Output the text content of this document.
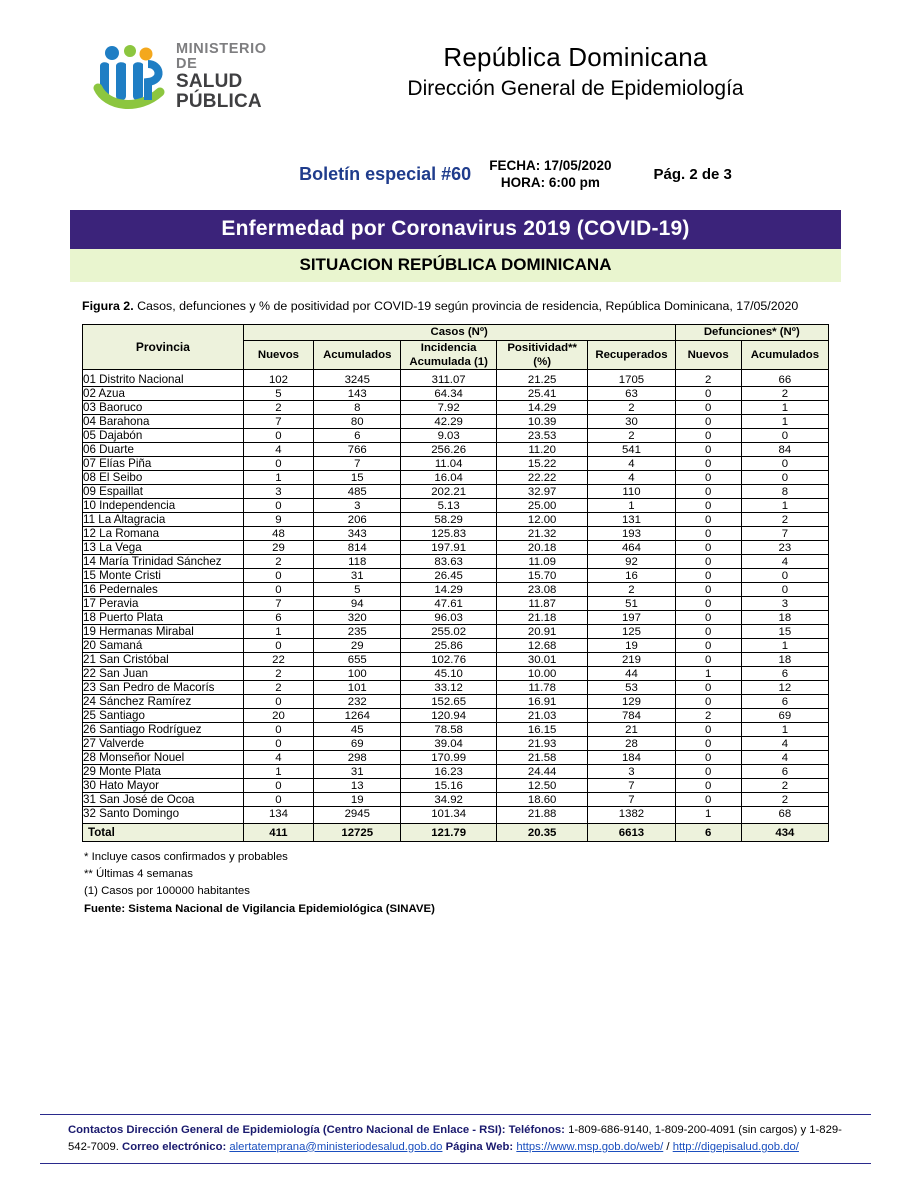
MINISTERIO DE
SALUD PÚBLICA
República Dominicana
Dirección General de Epidemiología
Boletín especial #60 FECHA: 17/05/2020
HORA: 6:00 pm	Pág. 2 de 3
Enfermedad por Coronavirus 2019 (COVID-19)
SITUACION REPÚBLICA DOMINICANA
Figura 2. Casos, defunciones y % de positividad por COVID-19 según provincia de residencia, República Dominicana, 17/05/2020
Provincia	Casos (Nº)					Defunciones* (Nº)	
	Nuevos	Acumulados	Incidencia Acumulada (1)	Positividad** (%)	Recuperados	Nuevos	Acumulados
01 Distrito Nacional	102	3245	311.07	21.25	1705	2	66
02 Azua	5	143	64.34	25.41	63	0	2
03 Baoruco	2	8	7.92	14.29	2	0	1
04 Barahona	7	80	42.29	10.39	30	0	1
05 Dajabón	0	6	9.03	23.53	2	0	0
06 Duarte	4	766	256.26	11.20	541	0	84
07 Elías Piña	0	7	11.04	15.22	4	0	0
08 El Seibo	1	15	16.04	22.22	4	0	0
09 Espaillat	3	485	202.21	32.97	110	0	8
10 Independencia	0	3	5.13	25.00	1	0	1
11 La Altagracia	9	206	58.29	12.00	131	0	2
12 La Romana	48	343	125.83	21.32	193	0	7
13 La Vega	29	814	197.91	20.18	464	0	23
14 María Trinidad Sánchez	2	118	83.63	11.09	92	0	4
15 Monte Cristi	0	31	26.45	15.70	16	0	0
16 Pedernales	0	5	14.29	23.08	2	0	0
17 Peravia	7	94	47.61	11.87	51	0	3
18 Puerto Plata	6	320	96.03	21.18	197	0	18
19 Hermanas Mirabal	1	235	255.02	20.91	125	0	15
20 Samaná	0	29	25.86	12.68	19	0	1
21 San Cristóbal	22	655	102.76	30.01	219	0	18
22 San Juan	2	100	45.10	10.00	44	1	6
23 San Pedro de Macorís	2	101	33.12	11.78	53	0	12
24 Sánchez Ramírez	0	232	152.65	16.91	129	0	6
25 Santiago	20	1264	120.94	21.03	784	2	69
26 Santiago Rodríguez	0	45	78.58	16.15	21	0	1
27 Valverde	0	69	39.04	21.93	28	0	4
28 Monseñor Nouel	4	298	170.99	21.58	184	0	4
29 Monte Plata	1	31	16.23	24.44	3	0	6
30 Hato Mayor	0	13	15.16	12.50	7	0	2
31 San José de Ocoa	0	19	34.92	18.60	7	0	2
32 Santo Domingo	134	2945	101.34	21.88	1382	1	68
Total	411	12725	121.79	20.35	6613	6	434
* Incluye casos confirmados y probables
** Últimas 4 semanas
(1) Casos por 100000 habitantes
Fuente: Sistema Nacional de Vigilancia Epidemiológica (SINAVE)
Contactos Dirección General de Epidemiología (Centro Nacional de Enlace - RSI): Teléfonos: 1-809-686-9140, 1-809-200-4091 (sin cargos) y 1-829-542-7009. Correo electrónico: alertatemprana@ministeriodesalud.gob.do Página Web: https://www.msp.gob.do/web/ / http://digepisalud.gob.do/
